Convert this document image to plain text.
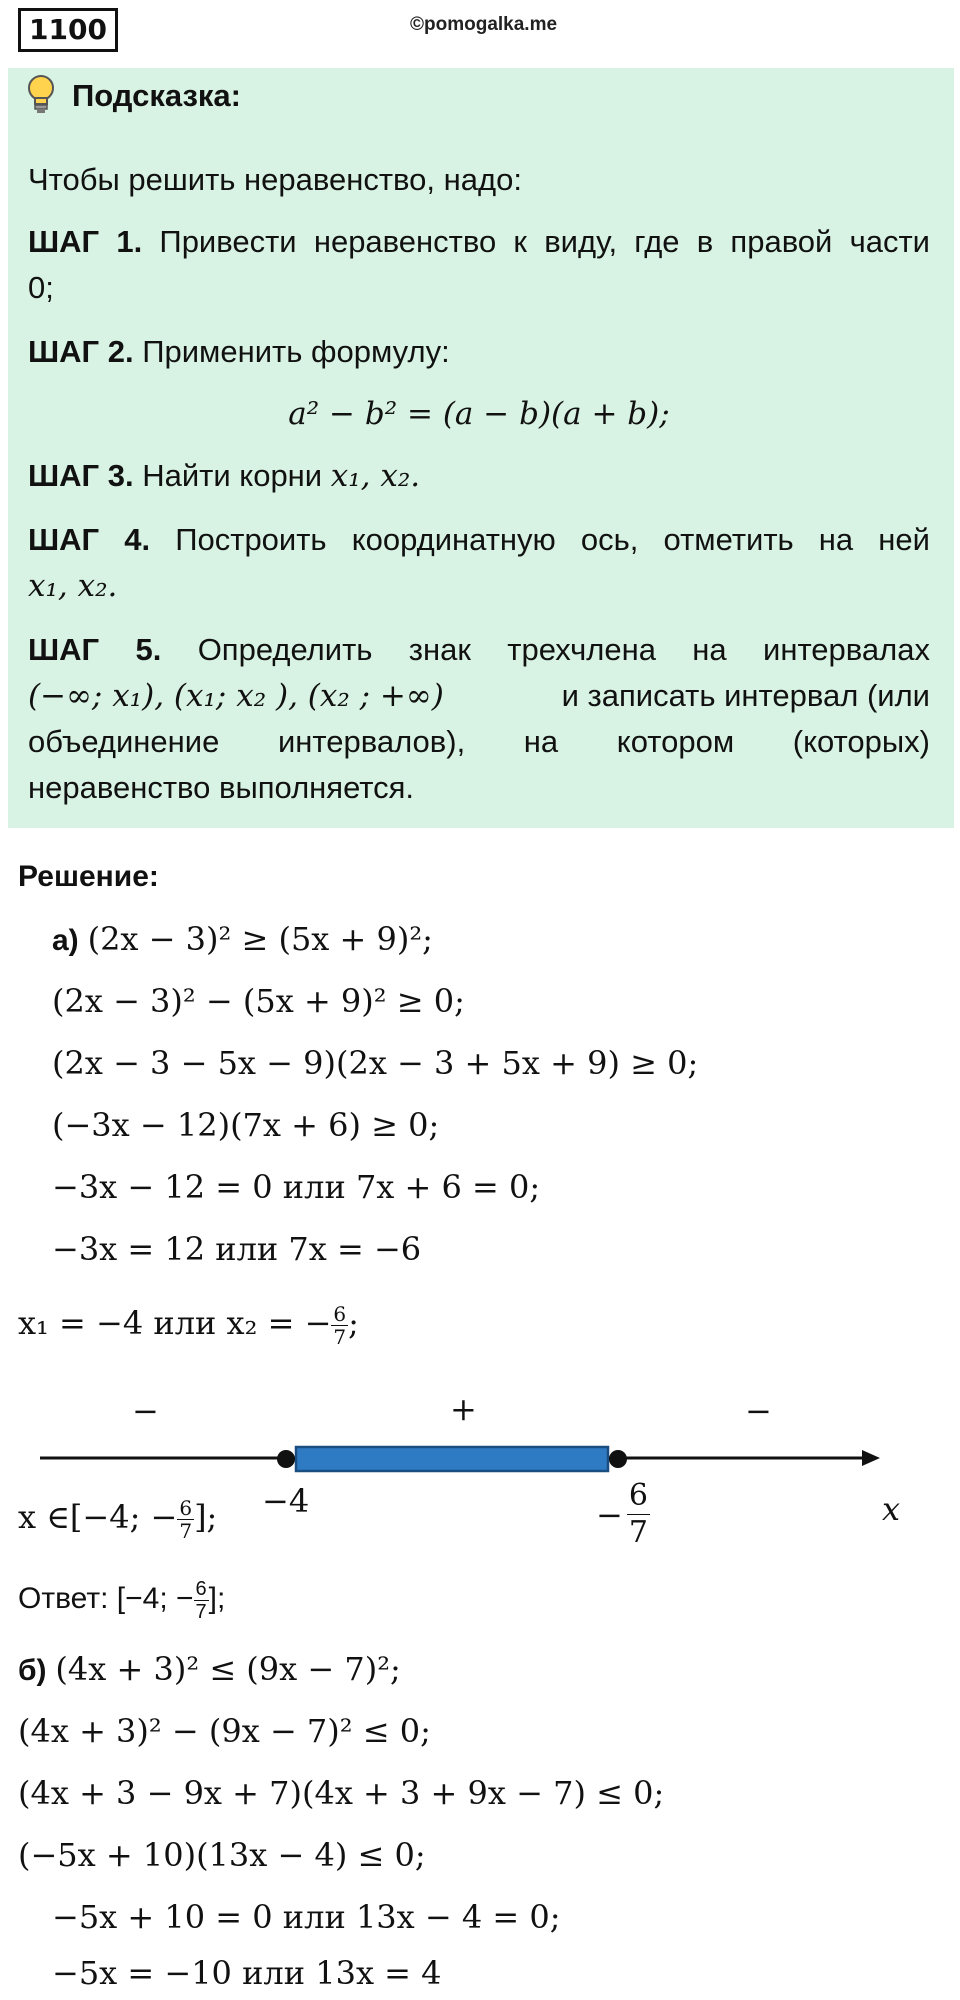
1100	©pomogalka.me
Подсказка:
Чтобы решить неравенство, надо:
ШАГ 1. Привести неравенство к виду, где в правой части
0;
ШАГ 2. Применить формулу:
a² − b² = (a − b)(a + b);
ШАГ 3. Найти корни x₁, x₂.
ШАГ 4. Построить координатную ось, отметить на ней
x₁, x₂.
ШАГ 5. Определить знак трехчлена на интервалах
(−∞; x₁), (x₁; x₂ ), (x₂ ; +∞)	и записать интервал (или
объединение интервалов), на котором (которых)
неравенство выполняется.
Решение:
а) (2x − 3)² ≥ (5x + 9)²;
(2x − 3)² − (5x + 9)² ≥ 0;
(2x − 3 − 5x − 9)(2x − 3 + 5x + 9) ≥ 0;
(−3x − 12)(7x + 6) ≥ 0;
−3x − 12 = 0 или 7x + 6 = 0;
−3x = 12 или 7x = −6
x₁ = −4 или x₂ = − $\frac{6}{7}$ ;
−	+	−
−4	− $\frac{6}{7}$	x
x ∈[−4; − $\frac{6}{7}$ ];
Ответ: [−4; − $\frac{6}{7}$ ];
б) (4x + 3)² ≤ (9x − 7)²;
(4x + 3)² − (9x − 7)² ≤ 0;
(4x + 3 − 9x + 7)(4x + 3 + 9x − 7) ≤ 0;
(−5x + 10)(13x − 4) ≤ 0;
−5x + 10 = 0 или 13x − 4 = 0;
−5x = −10 или 13x = 4
